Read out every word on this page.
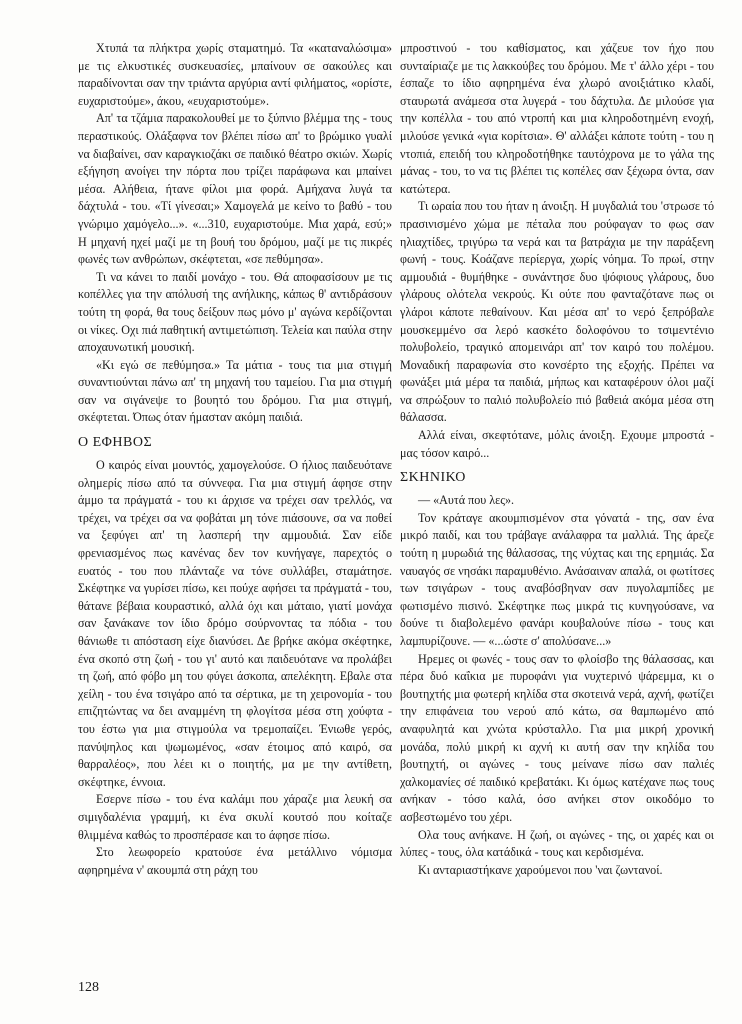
Χτυπά τα πλήκτρα χωρίς σταματημό. Τα «καταναλώσιμα» με τις ελκυστικές συσκευασίες, μπαίνουν σε σακούλες και παραδίνονται σαν την τριάντα αργύρια αντί φιλήματος, «ορίστε, ευχαριστούμε», άκου, «ευχαριστούμε».

Απ' τα τζάμια παρακολουθεί με το ξύπνιο βλέμμα της - τους περαστικούς. Ολάξαφνα τον βλέπει πίσω απ' το βρώμικο γυαλί να διαβαίνει, σαν καραγκιοζάκι σε παιδικό θέατρο σκιών. Χωρίς εξήγηση ανοίγει την πόρτα που τρίζει παράφωνα και μπαίνει μέσα. Αλήθεια, ήτανε φίλοι μια φορά. Αμήχανα λυγά τα δάχτυλά - του. «Τί γίνεσαι;» Χαμογελά με κείνο το βαθύ - του γνώριμο χαμόγελο...». «...310, ευχαριστούμε. Μια χαρά, εσύ;» Η μηχανή ηχεί μαζί με τη βουή του δρόμου, μαζί με τις πικρές φωνές των ανθρώπων, σκέφτεται, «σε πεθύμησα».

Τι να κάνει το παιδί μονάχο - του. Θά αποφασίσουν με τις κοπέλλες για την απόλυσή της ανήλικης, κάπως θ' αντιδράσουν τούτη τη φορά, θα τους δείξουν πως μόνο μ' αγώνα κερδίζονται οι νίκες. Οχι πιά παθητική αντιμετώπιση. Τελεία και παύλα στην αποχαυνωτική μουσική.

«Κι εγώ σε πεθύμησα.» Τα μάτια - τους τια μια στιγμή συναντιούνται πάνω απ' τη μηχανή του ταμείου. Για μια στιγμή σαν να σιγάνεψε το βουητό του δρόμου. Για μια στιγμή, σκέφτεται. Όπως όταν ήμασταν ακόμη παιδιά.

Ο ΕΦΗΒΟΣ

Ο καιρός είναι μουντός, χαμογελούσε. Ο ήλιος παιδευότανε ολημερίς πίσω από τα σύννεφα. Για μια στιγμή άφησε στην άμμο τα πράγματά - του κι άρχισε να τρέχει σαν τρελλός, να τρέχει, να τρέχει σα να φοβάται μη τόνε πιάσουνε, σα να ποθεί να ξεφύγει απ' τη λασπερή την αμμουδιά. Σαν είδε φρενιασμένος πως κανένας δεν τον κυνήγαγε, παρεχτός ο ευατός - του που πλάνταζε να τόνε συλλάβει, σταμάτησε. Σκέφτηκε να γυρίσει πίσω, κει πούχε αφήσει τα πράγματά - του, θάτανε βέβαια κουραστικό, αλλά όχι και μάταιο, γιατί μονάχα σαν ξανάκανε τον ίδιο δρόμο σούρνοντας τα πόδια - του θάνιωθε τι απόσταση είχε διανύσει. Δε βρήκε ακόμα σκέφτηκε, ένα σκοπό στη ζωή - του γι' αυτό και παιδευότανε να προλάβει τη ζωή, από φόβο μη του φύγει άσκοπα, απελέκητη. Εβαλε στα χείλη - του ένα τσιγάρο από τα σέρτικα, με τη χειρονομία - του επιζητώντας να δει αναμμένη τη φλογίτσα μέσα στη χούφτα - του έστω για μια στιγμούλα να τρεμοπαίζει. Ένιωθε γερός, πανύψηλος και ψωμωμένος, «σαν έτοιμος από καιρό, σα θαρραλέος», που λέει κι ο ποιητής, μα με την αντίθετη, σκέφτηκε, έννοια.

Εσερνε πίσω - του ένα καλάμι που χάραζε μια λευκή σα σιμιγδαλένια γραμμή, κι ένα σκυλί κουτσό που κοίταζε θλιμμένα καθώς το προσπέρασε και το άφησε πίσω.

Στο λεωφορείο κρατούσε ένα μετάλλινο νόμισμα αφηρημένα ν' ακουμπά στη ράχη του

μπροστινού - του καθίσματος, και χάζευε τον ήχο που συνταίριαζε με τις λακκούβες του δρόμου. Με τ' άλλο χέρι - του έσπαζε το ίδιο αφηρημένα ένα χλωρό ανοιξιάτικο κλαδί, σταυρωτά ανάμεσα στα λυγερά - του δάχτυλα. Δε μιλούσε για την κοπέλλα - του από ντροπή και μια κληροδοτημένη ενοχή, μιλούσε γενικά «για κορίτσια». Θ' αλλάξει κάποτε τούτη - του η ντοπιά, επειδή του κληροδοτήθηκε ταυτόχρονα με το γάλα της μάνας - του, το να τις βλέπει τις κοπέλες σαν ξέχωρα όντα, σαν κατώτερα.

Τι ωραία που του ήταν η άνοιξη. Η μυγδαλιά του 'στρωσε τό πρασινισμένο χώμα με πέταλα που ρούφαγαν το φως σαν ηλιαχτίδες, τριγύρω τα νερά και τα βατράχια με την παράξενη φωνή - τους. Κοάζανε περίεργα, χωρίς νόημα. Το πρωί, στην αμμουδιά - θυμήθηκε - συνάντησε δυο ψόφιους γλάρους, δυο γλάρους ολότελα νεκρούς. Κι ούτε που φανταζότανε πως οι γλάροι κάποτε πεθαίνουν. Και μέσα απ' το νερό ξεπρόβαλε μουσκεμμένο σα λερό κασκέτο δολοφόνου το τσιμεντένιο πολυβολείο, τραγικό απομεινάρι απ' τον καιρό του πολέμου. Μοναδική παραφωνία στο κονσέρτο της εξοχής. Πρέπει να φωνάξει μιά μέρα τα παιδιά, μήπως και καταφέρουν όλοι μαζί να σπρώξουν το παλιό πολυβολείο πιό βαθειά ακόμα μέσα στη θάλασσα.

Αλλά είναι, σκεφτότανε, μόλις άνοιξη. Εχουμε μπροστά - μας τόσον καιρό...

ΣΚΗΝΙΚΟ

— «Αυτά που λες».

Τον κράταγε ακουμπισμένον στα γόνατά - της, σαν ένα μικρό παιδί, και του τράβαγε ανάλαφρα τα μαλλιά. Της άρεζε τούτη η μυρωδιά της θάλασσας, της νύχτας και της ερημιάς. Σα ναυαγός σε νησάκι παραμυθένιο. Ανάσαιναν απαλά, οι φωτίτσες των τσιγάρων - τους αναβόσβηναν σαν πυγολαμπίδες με φωτισμένο πισινό. Σκέφτηκε πως μικρά τις κυνηγούσανε, να δούνε τι διαβολεμένο φανάρι κουβαλούνε πίσω - τους και λαμπυρίζουνε. — «...ώστε σ' απολύσανε...»

Ηρεμες οι φωνές - τους σαν το φλοίσβο της θάλασσας, και πέρα δυό καΐκια με πυροφάνι για νυχτερινό ψάρεμμα, κι ο βουτηχτής μια φωτερή κηλίδα στα σκοτεινά νερά, αχνή, φωτίζει την επιφάνεια του νερού από κάτω, σα θαμπωμένο από αναφυλητά και χνώτα κρύσταλλο. Για μια μικρή χρονική μονάδα, πολύ μικρή κι αχνή κι αυτή σαν την κηλίδα του βουτηχτή, οι αγώνες - τους μείνανε πίσω σαν παλιές χαλκομανίες σέ παιδικό κρεβατάκι. Κι όμως κατέχανε πως τους ανήκαν - τόσο καλά, όσο ανήκει στον οικοδόμο το ασβεστωμένο του χέρι.

Ολα τους ανήκανε. Η ζωή, οι αγώνες - της, οι χαρές και οι λύπες - τους, όλα κατάδικά - τους και κερδισμένα.

Κι ανταριαστήκανε χαρούμενοι που 'ναι ζωντανοί.

128
